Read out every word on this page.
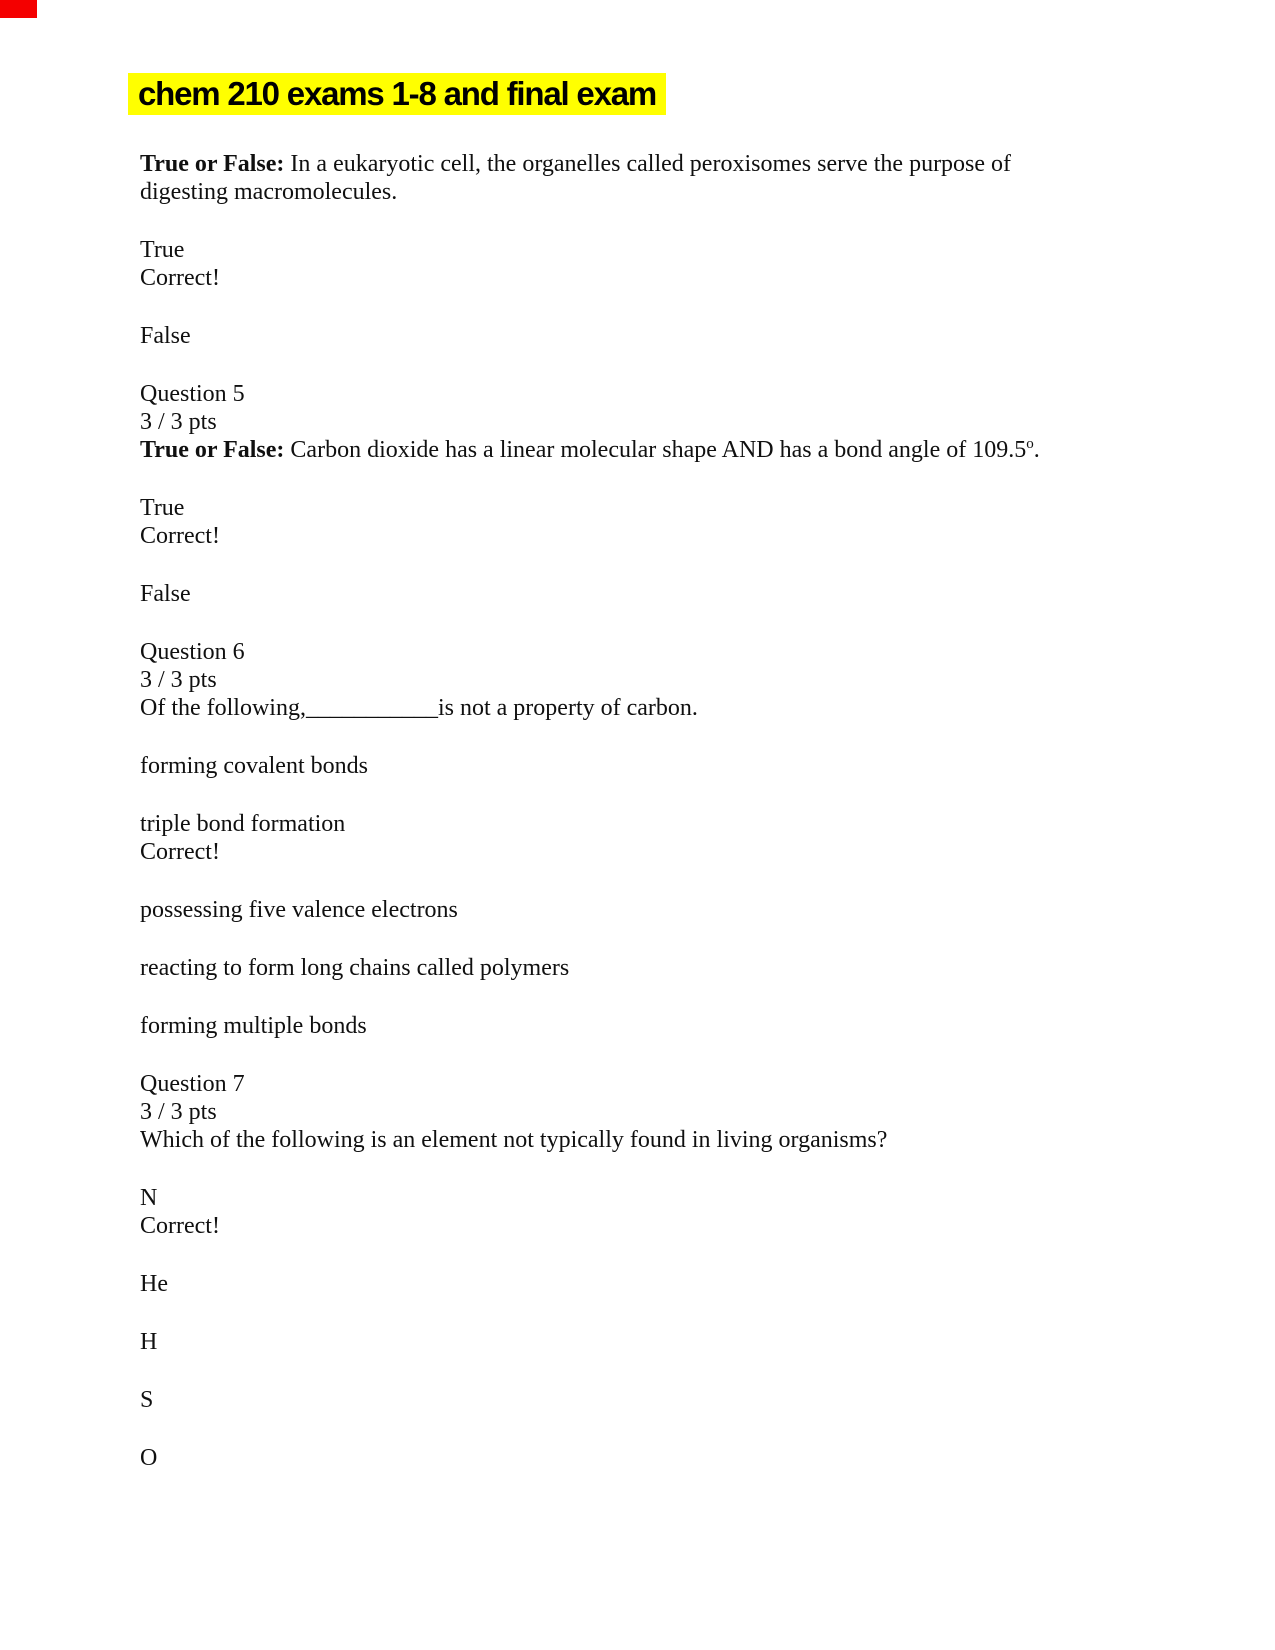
chem 210 exams 1-8 and final exam

True or False: In a eukaryotic cell, the organelles called peroxisomes serve the purpose of
digesting macromolecules.

True
Correct!

False

Question 5
3 / 3 pts
True or False: Carbon dioxide has a linear molecular shape AND has a bond angle of 109.5$^o$.

True
Correct!

False

Question 6
3 / 3 pts
Of the following,___________is not a property of carbon.

forming covalent bonds

triple bond formation
Correct!

possessing five valence electrons

reacting to form long chains called polymers

forming multiple bonds

Question 7
3 / 3 pts
Which of the following is an element not typically found in living organisms?

N
Correct!

He

H

S

O
